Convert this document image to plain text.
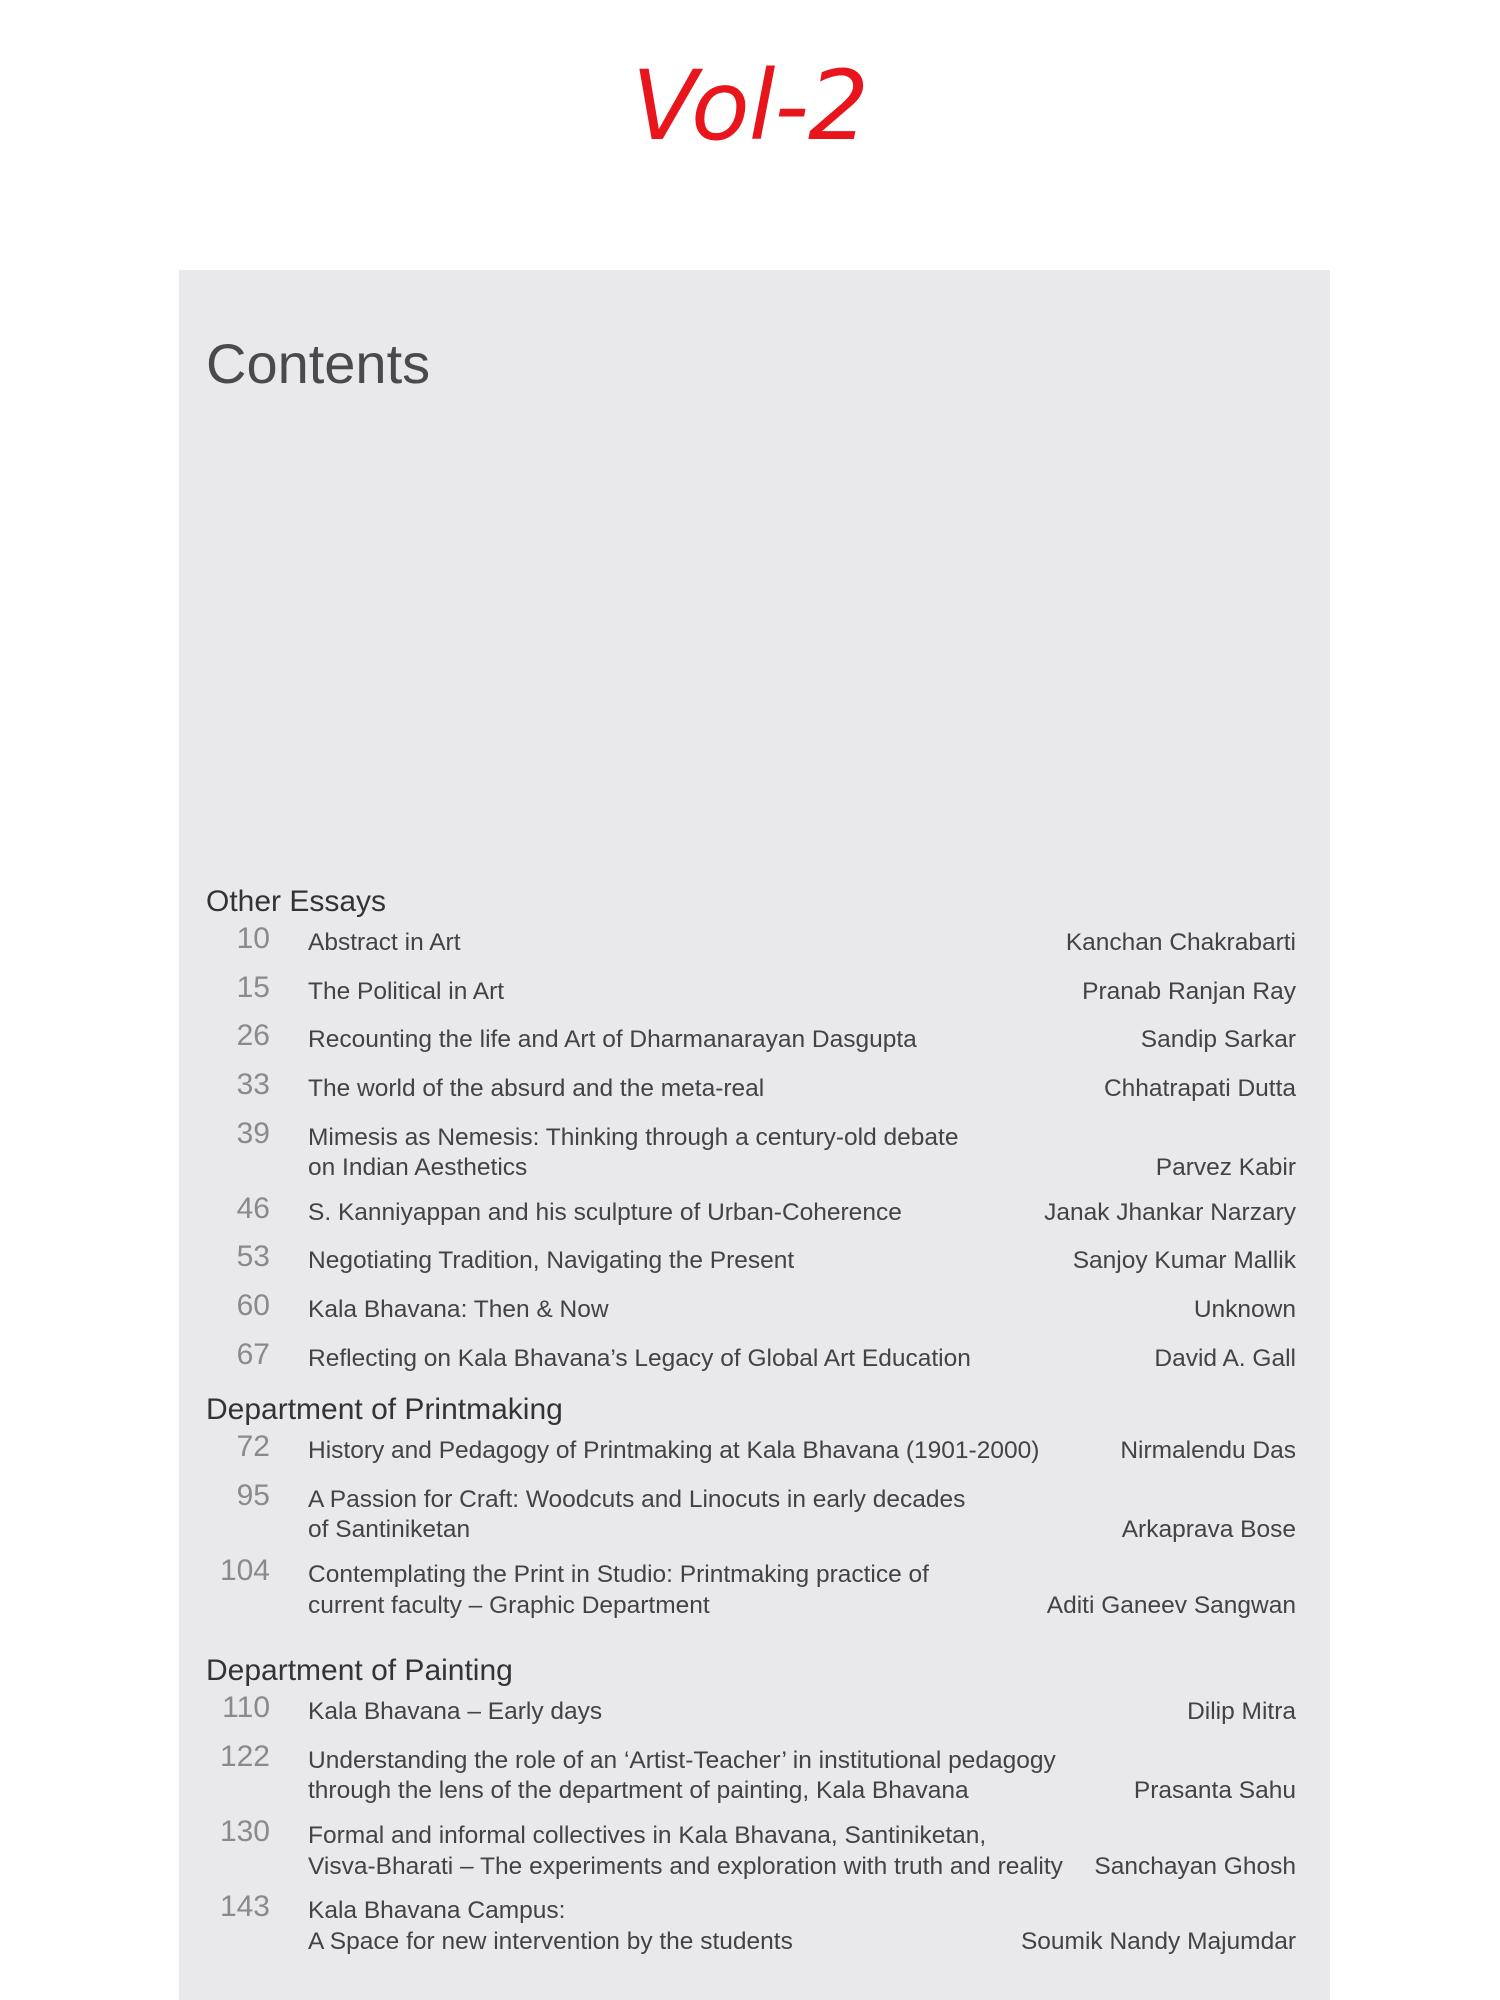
Vol-2
Contents
Other Essays
10	Abstract in Art	Kanchan Chakrabarti
15	The Political in Art	Pranab Ranjan Ray
26	Recounting the life and Art of Dharmanarayan Dasgupta	Sandip Sarkar
33	The world of the absurd and the meta-real	Chhatrapati Dutta
39	Mimesis as Nemesis: Thinking through a century-old debate
on Indian Aesthetics	Parvez Kabir
46	S. Kanniyappan and his sculpture of Urban-Coherence	Janak Jhankar Narzary
53	Negotiating Tradition, Navigating the Present	Sanjoy Kumar Mallik
60	Kala Bhavana: Then & Now	Unknown
67	Reflecting on Kala Bhavana’s Legacy of Global Art Education	David A. Gall
Department of Printmaking
72	History and Pedagogy of Printmaking at Kala Bhavana (1901-2000)	Nirmalendu Das
95	A Passion for Craft: Woodcuts and Linocuts in early decades
of Santiniketan	Arkaprava Bose
104	Contemplating the Print in Studio: Printmaking practice of
current faculty – Graphic Department	Aditi Ganeev Sangwan
Department of Painting
110	Kala Bhavana – Early days	Dilip Mitra
122	Understanding the role of an ‘Artist-Teacher’ in institutional pedagogy
through the lens of the department of painting, Kala Bhavana	Prasanta Sahu
130	Formal and informal collectives in Kala Bhavana, Santiniketan,
Visva-Bharati – The experiments and exploration with truth and reality	Sanchayan Ghosh
143	Kala Bhavana Campus:
A Space for new intervention by the students	Soumik Nandy Majumdar
